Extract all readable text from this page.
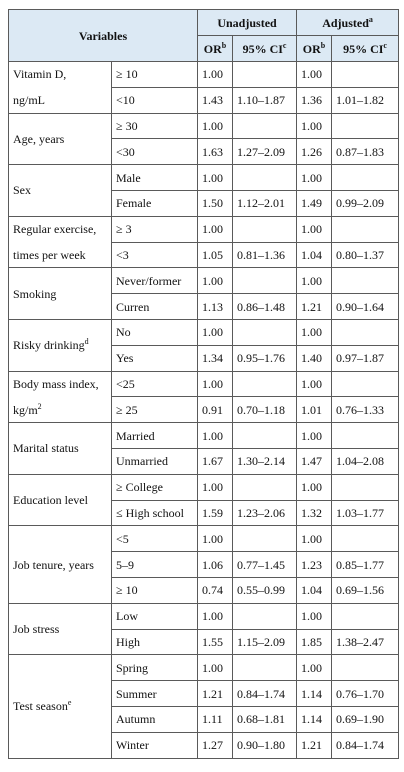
Variables		Unadjusted		Adjusted$^a$
		$OR^b$	95% $CI^c$	$OR^b$	95% $CI^c$
Vitamin D,	≥ 10	1.00		1.00	
ng/mL	<10	1.43	1.10–1.87	1.36	1.01–1.82
Age, years	≥ 30	1.00		1.00	
	<30	1.63	1.27–2.09	1.26	0.87–1.83
Sex	Male	1.00		1.00	
	Female	1.50	1.12–2.01	1.49	0.99–2.09
Regular exercise,	≥ 3	1.00		1.00	
times per week	<3	1.05	0.81–1.36	1.04	0.80–1.37
Smoking	Never/former	1.00		1.00	
	Curren	1.13	0.86–1.48	1.21	0.90–1.64
Risky drinking$^d$	No	1.00		1.00	
	Yes	1.34	0.95–1.76	1.40	0.97–1.87
Body mass index,	<25	1.00		1.00	
$kg/m^2$	≥ 25	0.91	0.70–1.18	1.01	0.76–1.33
Marital status	Married	1.00		1.00	
	Unmarried	1.67	1.30–2.14	1.47	1.04–2.08
Education level	≥ College	1.00		1.00	
	≤ High school	1.59	1.23–2.06	1.32	1.03–1.77
Job tenure, years	<5	1.00		1.00	
	5–9	1.06	0.77–1.45	1.23	0.85–1.77
	≥ 10	0.74	0.55–0.99	1.04	0.69–1.56
Job stress	Low	1.00		1.00	
	High	1.55	1.15–2.09	1.85	1.38–2.47
Test season$^e$	Spring	1.00		1.00	
	Summer	1.21	0.84–1.74	1.14	0.76–1.70
	Autumn	1.11	0.68–1.81	1.14	0.69–1.90
	Winter	1.27	0.90–1.80	1.21	0.84–1.74
